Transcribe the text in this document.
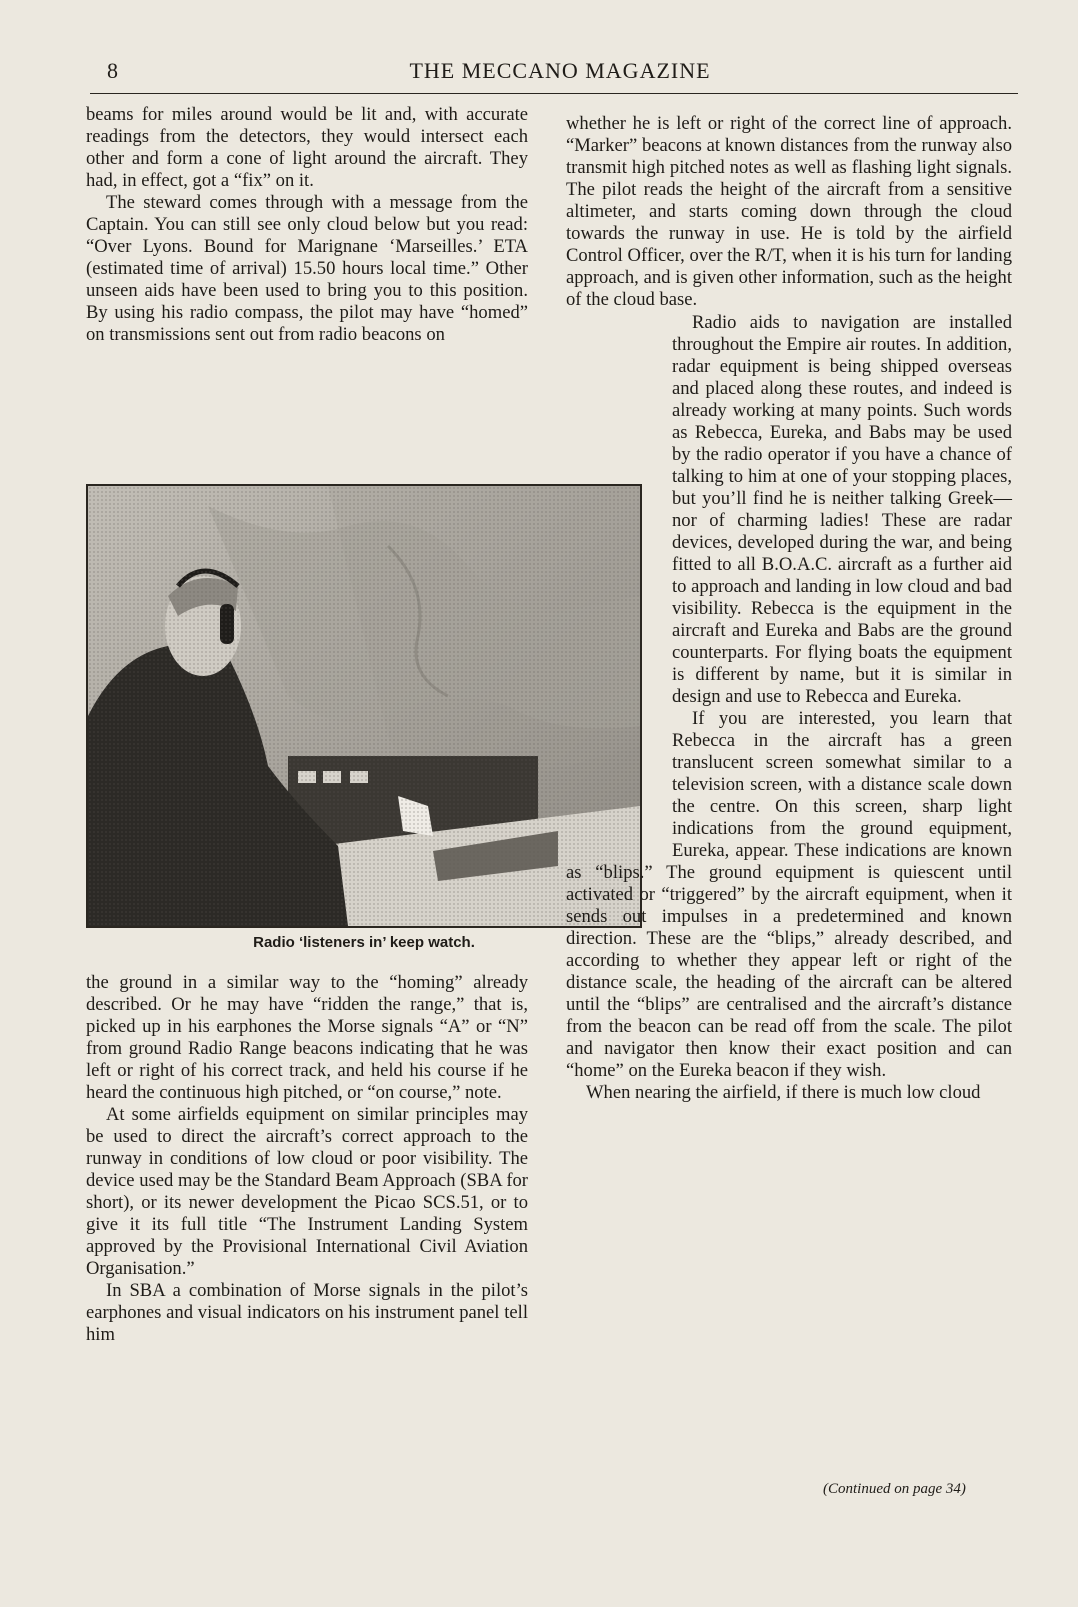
8	THE MECCANO MAGAZINE

beams for miles around would be lit and, with accurate readings from the detectors, they would intersect each other and form a cone of light around the aircraft. They had, in effect, got a “fix” on it.

The steward comes through with a message from the Captain. You can still see only cloud below but you read: “Over Lyons. Bound for Marignane ‘Marseilles.’ ETA (estimated time of arrival) 15.50 hours local time.” Other unseen aids have been used to bring you to this position. By using his radio compass, the pilot may have “homed” on transmissions sent out from radio beacons on

Radio ‘listeners in’ keep watch.

the ground in a similar way to the “homing” already described. Or he may have “ridden the range,” that is, picked up in his earphones the Morse signals “A” or “N” from ground Radio Range beacons indicating that he was left or right of his correct track, and held his course if he heard the continuous high pitched, or “on course,” note.

At some airfields equipment on similar principles may be used to direct the aircraft’s correct approach to the runway in conditions of low cloud or poor visibility. The device used may be the Standard Beam Approach (SBA for short), or its newer development the Picao SCS.51, or to give it its full title “The Instrument Landing System approved by the Provisional International Civil Aviation Organisation.”

In SBA a combination of Morse signals in the pilot’s earphones and visual indicators on his instrument panel tell him

whether he is left or right of the correct line of approach. “Marker” beacons at known distances from the runway also transmit high pitched notes as well as flashing light signals. The pilot reads the height of the aircraft from a sensitive altimeter, and starts coming down through the cloud towards the runway in use. He is told by the airfield Control Officer, over the R/T, when it is his turn for landing approach, and is given other information, such as the height of the cloud base.

Radio aids to navigation are installed throughout the Empire air routes. In addition, radar equipment is being shipped overseas and placed along these routes, and indeed is already working at many points. Such words as Rebecca, Eureka, and Babs may be used by the radio operator if you have a chance of talking to him at one of your stopping places, but you’ll find he is neither talking Greek—nor of charming ladies! These are radar devices, developed during the war, and being fitted to all B.O.A.C. aircraft as a further aid to approach and landing in low cloud and bad visibility. Rebecca is the equipment in the aircraft and Eureka and Babs are the ground counterparts. For flying boats the equipment is different by name, but it is similar in design and use to Rebecca and Eureka.

If you are interested, you learn that Rebecca in the aircraft has a green translucent screen somewhat similar to a television screen, with a distance scale down the centre. On this screen, sharp light indications from the ground equipment, Eureka, appear. These indications are known as “blips.” The ground equipment is quiescent until activated or “triggered” by the aircraft equipment, when it sends out impulses in a predetermined and known direction. These are the “blips,” already described, and according to whether they appear left or right of the distance scale, the heading of the aircraft can be altered until the “blips” are centralised and the aircraft’s distance from the beacon can be read off from the scale. The pilot and navigator then know their exact position and can “home” on the Eureka beacon if they wish.

When nearing the airfield, if there is much low cloud

(Continued on page 34)
